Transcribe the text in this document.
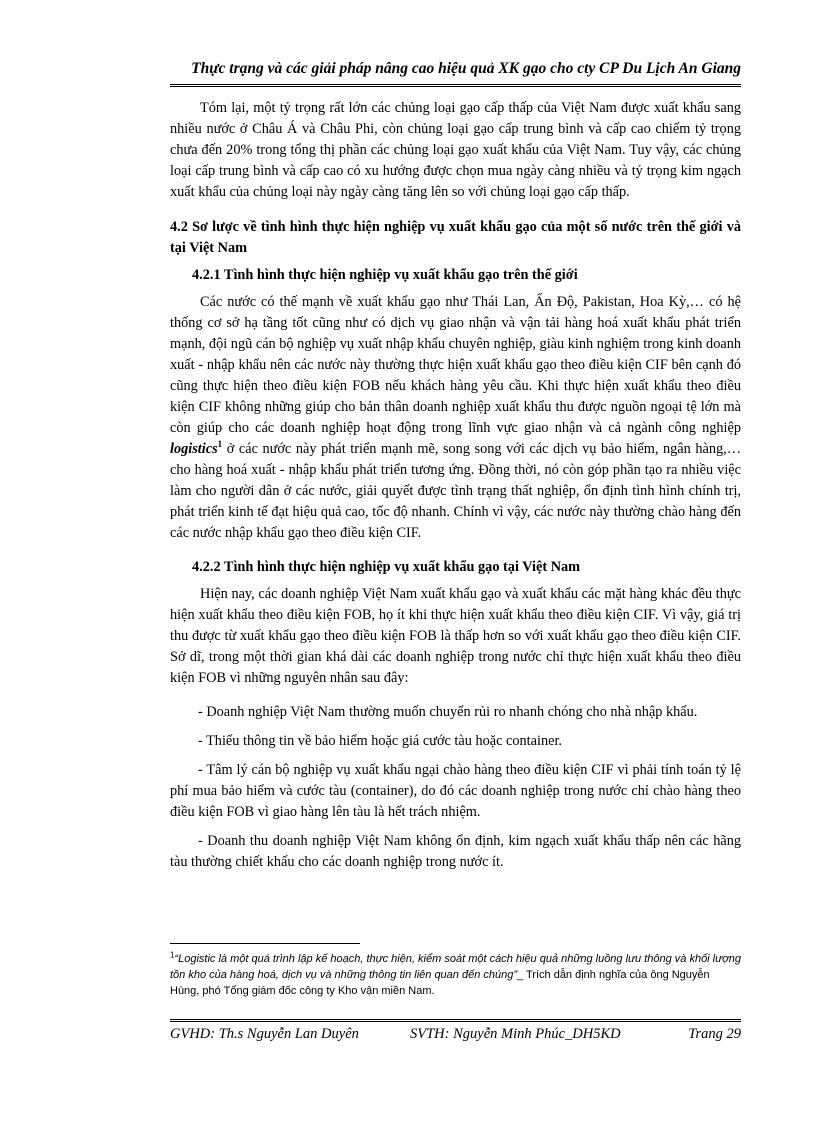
Thực trạng và các giải pháp nâng cao hiệu quả XK gạo cho cty CP Du Lịch An Giang

Tóm lại, một tỷ trọng rất lớn các chủng loại gạo cấp thấp của Việt Nam được xuất khẩu sang nhiều nước ở Châu Á và Châu Phi, còn chủng loại gạo cấp trung bình và cấp cao chiếm tỷ trọng chưa đến 20% trong tổng thị phần các chủng loại gạo xuất khẩu của Việt Nam. Tuy vậy, các chủng loại cấp trung bình và cấp cao có xu hướng được chọn mua ngày càng nhiều và tỷ trọng kim ngạch xuất khẩu của chủng loại này ngày càng tăng lên so với chủng loại gạo cấp thấp.

4.2 Sơ lược về tình hình thực hiện nghiệp vụ xuất khẩu gạo của một số nước trên thế giới và tại Việt Nam

4.2.1 Tình hình thực hiện nghiệp vụ xuất khẩu gạo trên thế giới

Các nước có thế mạnh về xuất khẩu gạo như Thái Lan, Ấn Độ, Pakistan, Hoa Kỳ,… có hệ thống cơ sở hạ tầng tốt cũng như có dịch vụ giao nhận và vận tải hàng hoá xuất khẩu phát triển mạnh, đội ngũ cán bộ nghiệp vụ xuất nhập khẩu chuyên nghiệp, giàu kinh nghiệm trong kinh doanh xuất - nhập khẩu nên các nước này thường thực hiện xuất khẩu gạo theo điều kiện CIF bên cạnh đó cũng thực hiện theo điều kiện FOB nếu khách hàng yêu cầu. Khi thực hiện xuất khẩu theo điều kiện CIF không những giúp cho bản thân doanh nghiệp xuất khẩu thu được nguồn ngoại tệ lớn mà còn giúp cho các doanh nghiệp hoạt động trong lĩnh vực giao nhận và cả ngành công nghiệp logistics$^1$ ở các nước này phát triển mạnh mẽ, song song với các dịch vụ bảo hiểm, ngân hàng,… cho hàng hoá xuất - nhập khẩu phát triển tương ứng. Đồng thời, nó còn góp phần tạo ra nhiều việc làm cho người dân ở các nước, giải quyết được tình trạng thất nghiệp, ổn định tình hình chính trị, phát triển kinh tế đạt hiệu quả cao, tốc độ nhanh. Chính vì vậy, các nước này thường chào hàng đến các nước nhập khẩu gạo theo điều kiện CIF.

4.2.2 Tình hình thực hiện nghiệp vụ xuất khẩu gạo tại Việt Nam

Hiện nay, các doanh nghiệp Việt Nam xuất khẩu gạo và xuất khẩu các mặt hàng khác đều thực hiện xuất khẩu theo điều kiện FOB, họ ít khi thực hiện xuất khẩu theo điều kiện CIF. Vì vậy, giá trị thu được từ xuất khẩu gạo theo điều kiện FOB là thấp hơn so với xuất khẩu gạo theo điều kiện CIF. Sở dĩ, trong một thời gian khá dài các doanh nghiệp trong nước chỉ thực hiện xuất khẩu theo điều kiện FOB vì những nguyên nhân sau đây:

- Doanh nghiệp Việt Nam thường muốn chuyển rủi ro nhanh chóng cho nhà nhập khẩu.

- Thiếu thông tin về bảo hiểm hoặc giá cước tàu hoặc container.

- Tâm lý cán bộ nghiệp vụ xuất khẩu ngại chào hàng theo điều kiện CIF vì phải tính toán tỷ lệ phí mua bảo hiểm và cước tàu (container), do đó các doanh nghiệp trong nước chỉ chào hàng theo điều kiện FOB vì giao hàng lên tàu là hết trách nhiệm.

- Doanh thu doanh nghiệp Việt Nam không ổn định, kim ngạch xuất khẩu thấp nên các hãng tàu thường chiết khấu cho các doanh nghiệp trong nước ít.

$^1$“Logistic là một quá trình lập kế hoạch, thực hiện, kiểm soát một cách hiệu quả những luồng lưu thông và khối lượng tồn kho của hàng hoá, dịch vụ và những thông tin liên quan đến chúng”_ Trích dẫn định nghĩa của ông Nguyễn Hùng, phó Tổng giám đốc công ty Kho vận miền Nam.

GVHD: Th.s Nguyễn Lan Duyên	SVTH: Nguyễn Minh Phúc_DH5KD	Trang 29
